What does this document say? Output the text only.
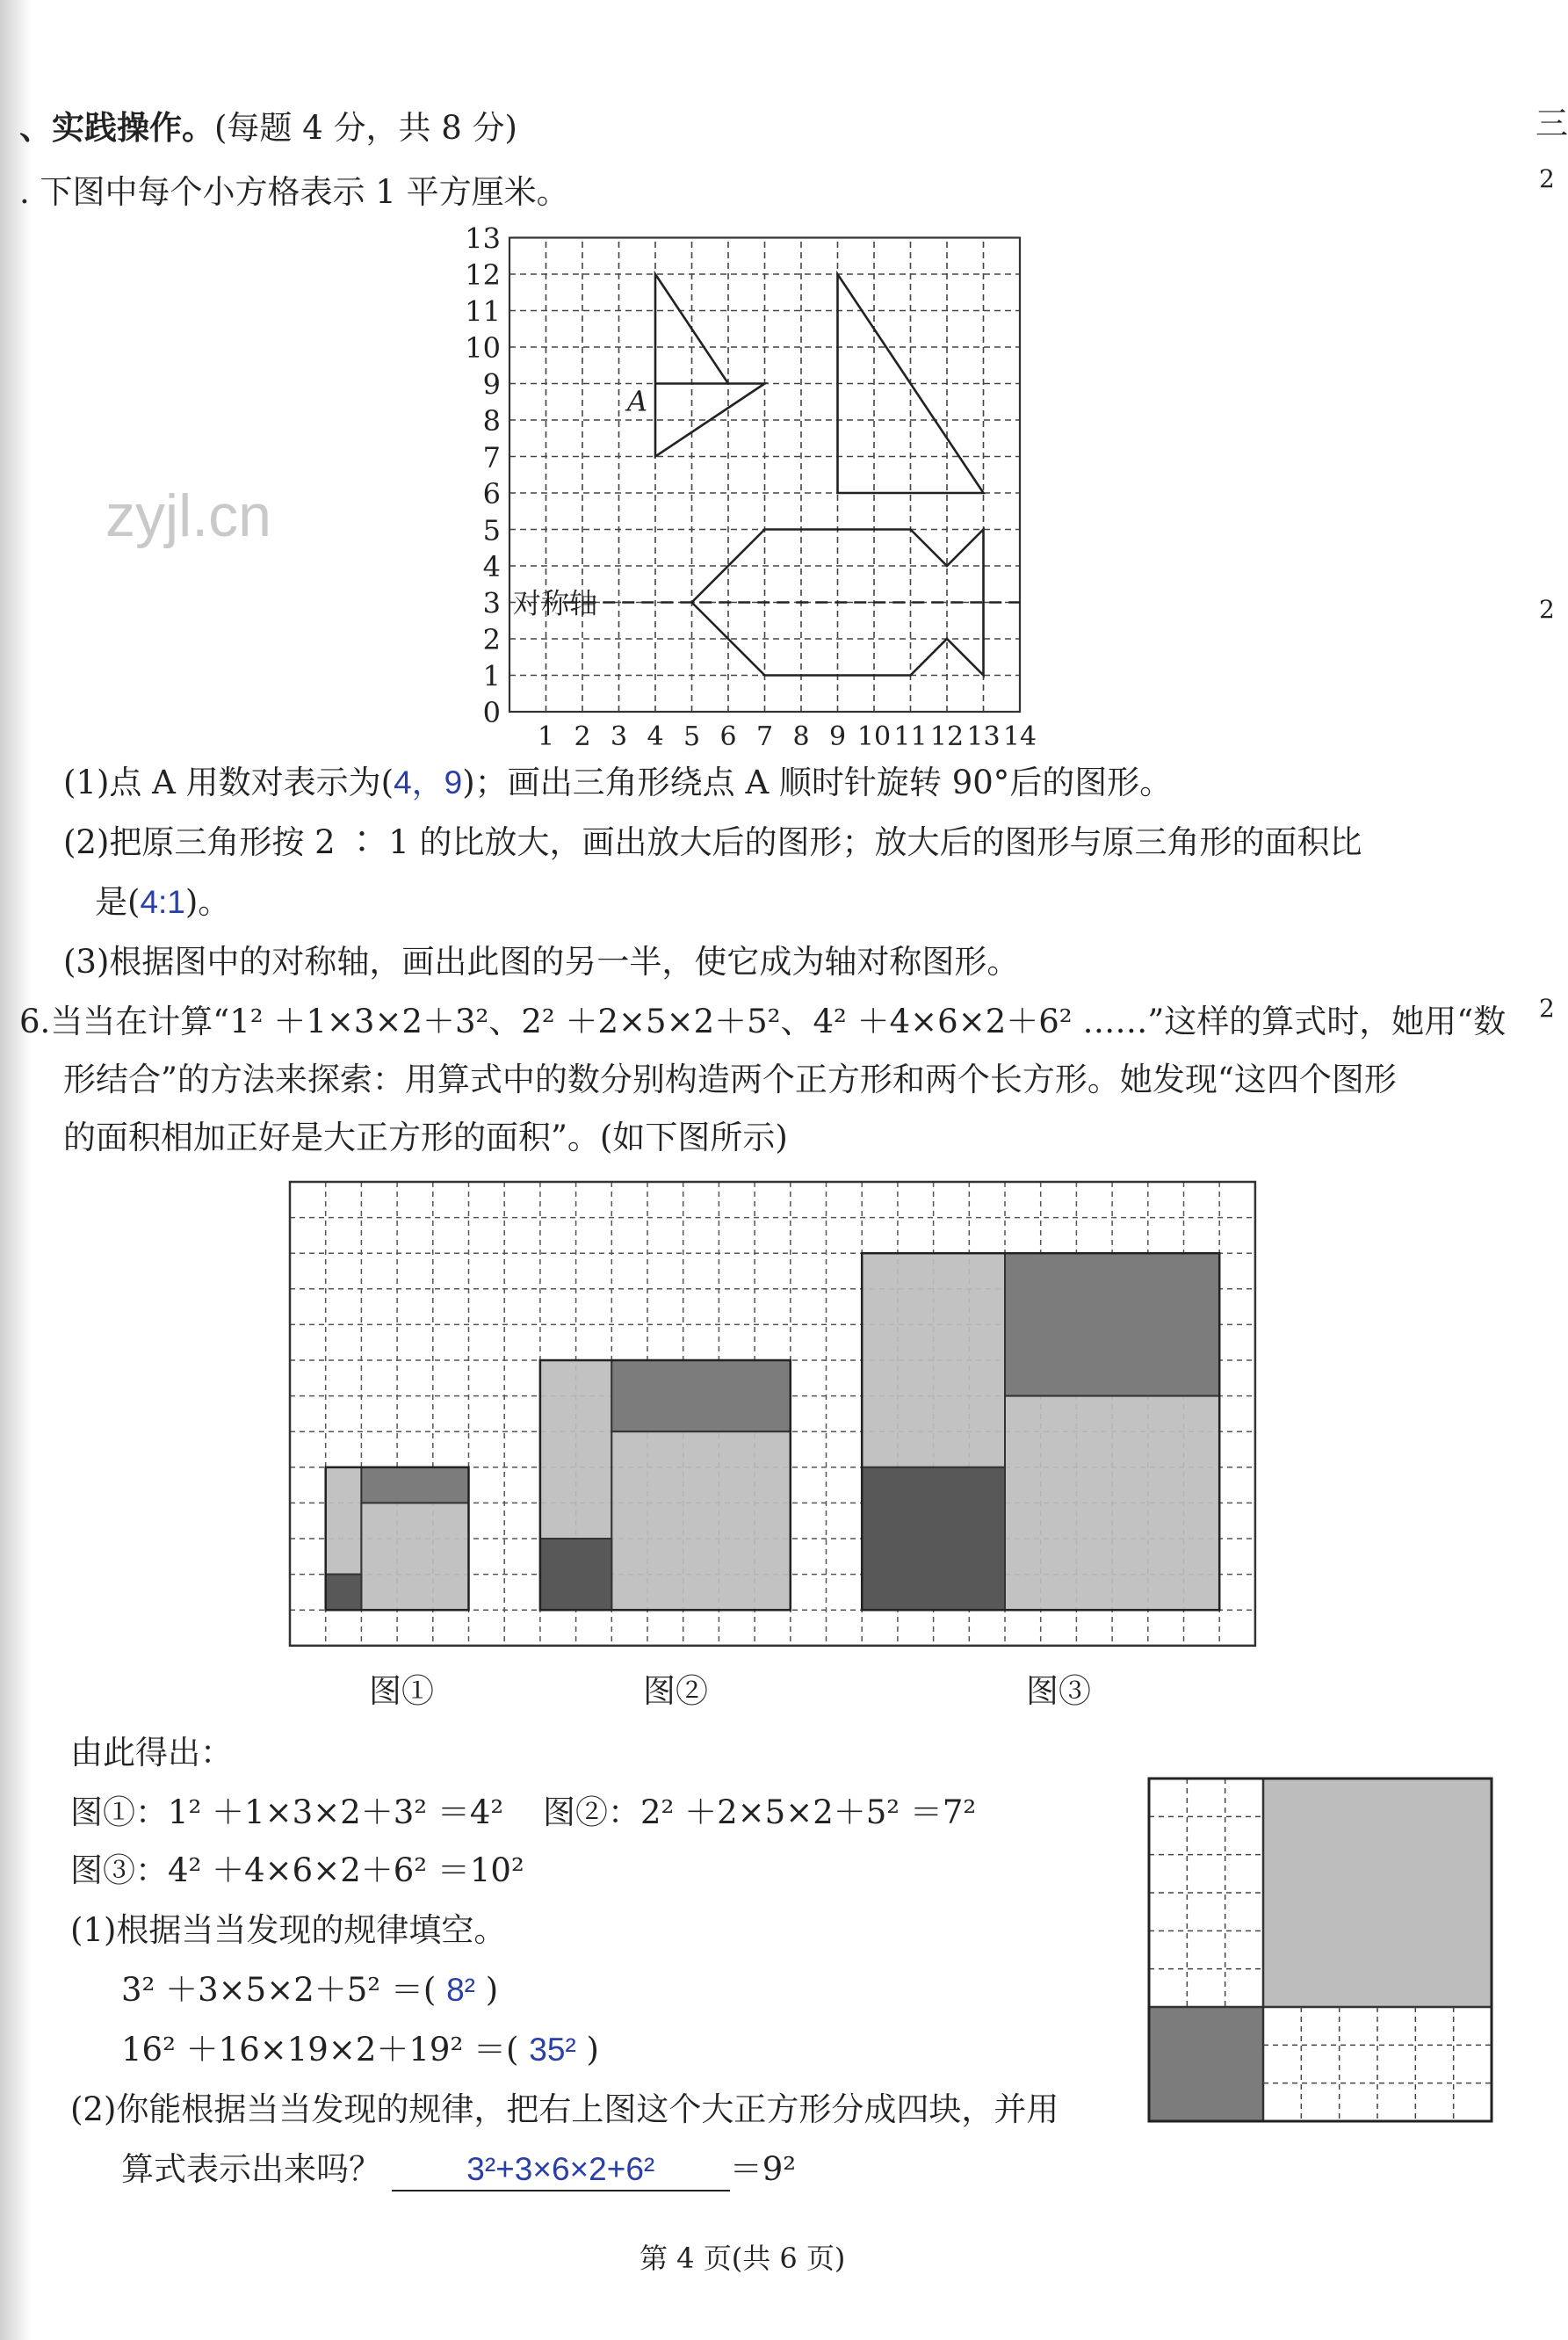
、实践操作。(每题 4 分，共 8 分)
. 下图中每个小方格表示 1 平方厘米。
0
1
2
3
4
5
6
7
8
9
10
11
12
13
1 2 3 4 5 6 7 8 9 10 11 12 13 14
对称轴
A
zyjl.cn
(1)点 A 用数对表示为(4，9)；画出三角形绕点 A 顺时针旋转 90°后的图形。
(2)把原三角形按 2 ∶ 1 的比放大，画出放大后的图形；放大后的图形与原三角形的面积比
是(4:1)。
(3)根据图中的对称轴，画出此图的另一半，使它成为轴对称图形。
6.当当在计算“1² ＋1×3×2＋3²、2² ＋2×5×2＋5²、4² ＋4×6×2＋6² ……”这样的算式时，她用“数
形结合”的方法来探索：用算式中的数分别构造两个正方形和两个长方形。她发现“这四个图形
的面积相加正好是大正方形的面积”。(如下图所示)
图①	图②	图③
由此得出：
图①：1² ＋1×3×2＋3² ＝4² 图②：2² ＋2×5×2＋5² ＝7²
图③：4² ＋4×6×2＋6² ＝10²
(1)根据当当发现的规律填空。
3² ＋3×5×2＋5² ＝( 8² )
16² ＋16×19×2＋19² ＝( 35² )
(2)你能根据当当发现的规律，把右上图这个大正方形分成四块，并用
算式表示出来吗？	3²+3×6×2+6² ＝9²
第 4 页(共 6 页)
三
2
2
2
